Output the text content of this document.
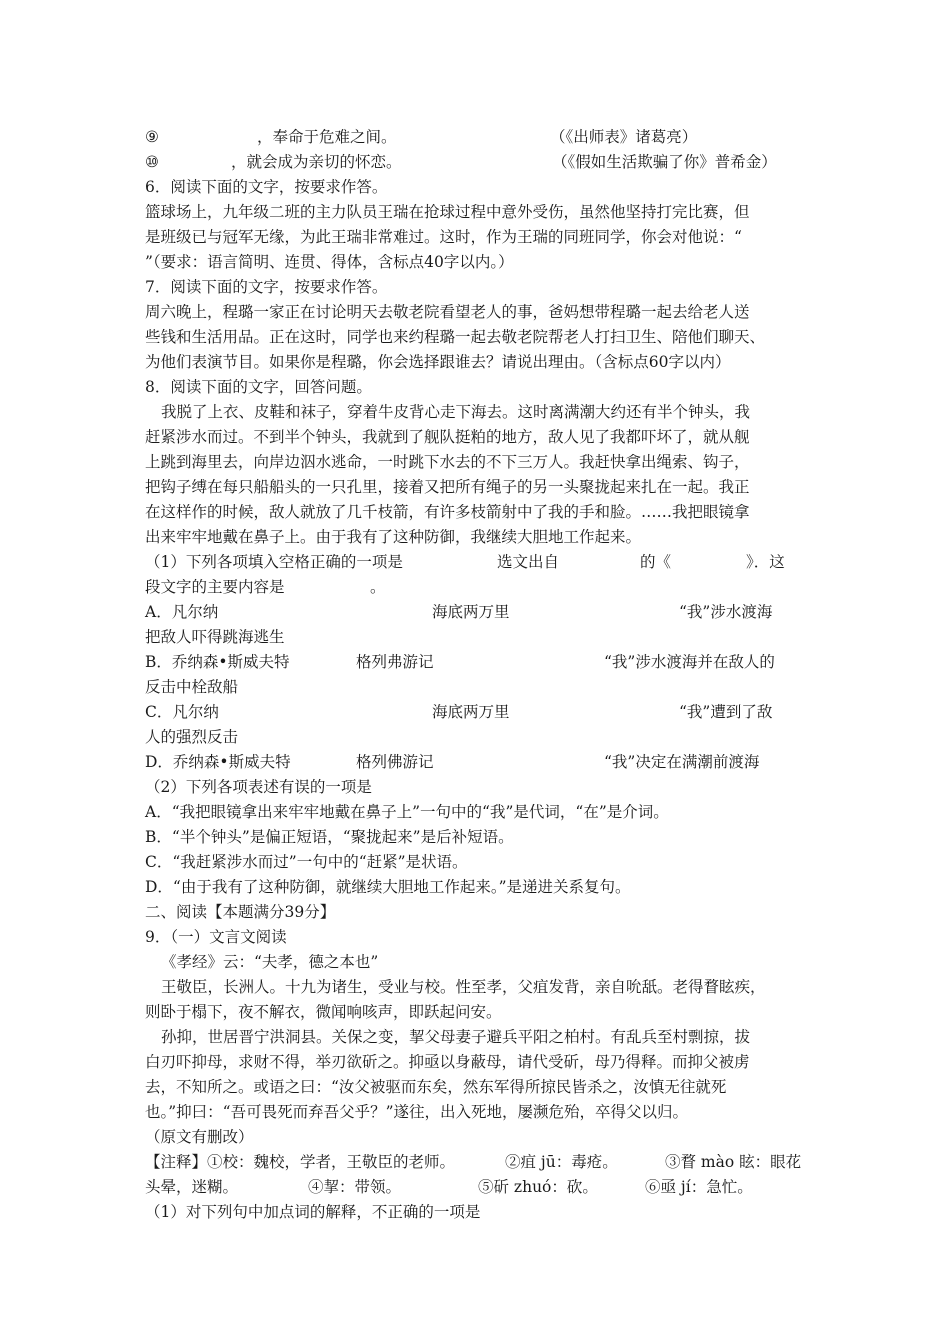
⑨	，奉命于危难之间。	（《出师表》诸葛亮）
⑩	，就会成为亲切的怀恋。	（《假如生活欺骗了你》普希金）
6．阅读下面的文字，按要求作答。
篮球场上，九年级二班的主力队员王瑞在抢球过程中意外受伤，虽然他坚持打完比赛，但
是班级已与冠军无缘，为此王瑞非常难过。这时，作为王瑞的同班同学，你会对他说：“
”（要求：语言简明、连贯、得体，含标点40字以内。）
7．阅读下面的文字，按要求作答。
周六晚上，程璐一家正在讨论明天去敬老院看望老人的事，爸妈想带程璐一起去给老人送
些钱和生活用品。正在这时，同学也来约程璐一起去敬老院帮老人打扫卫生、陪他们聊天、
为他们表演节目。如果你是程璐，你会选择跟谁去？请说出理由。（含标点60字以内）
8．阅读下面的文字，回答问题。
我脱了上衣、皮鞋和袜子，穿着牛皮背心走下海去。这时离满潮大约还有半个钟头，我
赶紧涉水而过。不到半个钟头，我就到了舰队挺粕的地方，敌人见了我都吓坏了，就从舰
上跳到海里去，向岸边泅水逃命，一时跳下水去的不下三万人。我赶快拿出绳索、钩子，
把钩子缚在每只船船头的一只孔里，接着又把所有绳子的另一头聚拢起来扎在一起。我正
在这样作的时候，敌人就放了几千枝箭，有许多枝箭射中了我的手和脸。……我把眼镜拿
出来牢牢地戴在鼻子上。由于我有了这种防御，我继续大胆地工作起来。
（1）下列各项填入空格正确的一项是	选文出自	的《	》．这
段文字的主要内容是	。
A．凡尔纳	海底两万里	“我”涉水渡海
把敌人吓得跳海逃生
B．乔纳森•斯威夫特	格列弗游记	“我”涉水渡海并在敌人的
反击中栓敌船
C．凡尔纳	海底两万里	“我”遭到了敌
人的强烈反击
D．乔纳森•斯威夫特	格列佛游记	“我”决定在满潮前渡海
（2）下列各项表述有误的一项是
A．“我把眼镜拿出来牢牢地戴在鼻子上”一句中的“我”是代词，“在”是介词。
B．“半个钟头”是偏正短语，“聚拢起来”是后补短语。
C．“我赶紧涉水而过”一句中的“赶紧”是状语。
D．“由于我有了这种防御，就继续大胆地工作起来。”是递进关系复句。
二、阅读【本题满分39分】
9．（一）文言文阅读
《孝经》云：“夫孝，德之本也”
王敬臣，长洲人。十九为诸生，受业与校。性至孝，父疽发背，亲自吮舐。老得瞀眩疾，
则卧于榻下，夜不解衣，微闻响咳声，即跃起问安。
孙抑，世居晋宁洪洞县。关保之变，挈父母妻子避兵平阳之柏村。有乱兵至村剽掠，拔
白刃吓抑母，求财不得，举刃欲斫之。抑亟以身蔽母，请代受斫，母乃得释。而抑父被虏
去，不知所之。或语之曰：“汝父被驱而东矣，然东军得所掠民皆杀之，汝慎无往就死
也。”抑曰：“吾可畏死而弃吾父乎？”遂往，出入死地，屡濒危殆，卒得父以归。
（原文有删改）
【注释】①校：魏校，学者，王敬臣的老师。	②疽 jū：毒疮。	③瞀 mào 眩：眼花
头晕，迷糊。	④挈：带领。	⑤斫 zhuó：砍。	⑥亟 jí：急忙。
（1）对下列句中加点词的解释，不正确的一项是
